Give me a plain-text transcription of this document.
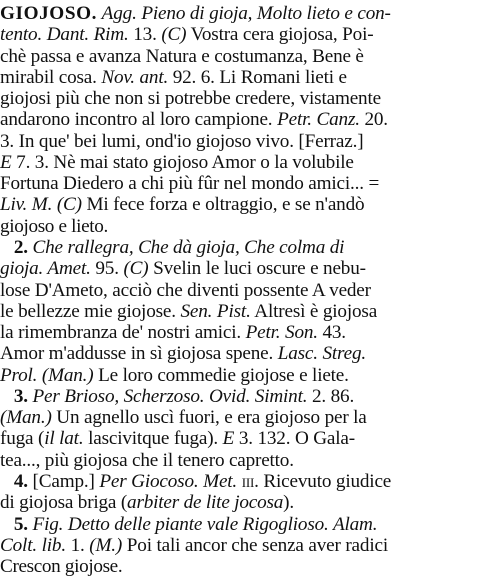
GIOJOSO. Agg. Pieno di gioja, Molto lieto e con-
tento. Dant. Rim. 13. (C) Vostra cera giojosa, Poi-
chè passa e avanza Natura e costumanza, Bene è
mirabil cosa. Nov. ant. 92. 6. Li Romani lieti e
giojosi più che non si potrebbe credere, vistamente
andarono incontro al loro campione. Petr. Canz. 20.
3. In que' bei lumi, ond'io giojoso vivo. [Ferraz.]
E 7. 3. Nè mai stato giojoso Amor o la volubile
Fortuna Diedero a chi più fûr nel mondo amici... =
Liv. M. (C) Mi fece forza e oltraggio, e se n'andò
giojoso e lieto.
2. Che rallegra, Che dà gioja, Che colma di
gioja. Amet. 95. (C) Svelin le luci oscure e nebu-
lose D'Ameto, acciò che diventi possente A veder
le bellezze mie giojose. Sen. Pist. Altresì è giojosa
la rimembranza de' nostri amici. Petr. Son. 43.
Amor m'addusse in sì giojosa spene. Lasc. Streg.
Prol. (Man.) Le loro commedie giojose e liete.
3. Per Brioso, Scherzoso. Ovid. Simint. 2. 86.
(Man.) Un agnello uscì fuori, e era giojoso per la
fuga (il lat. lascivitque fuga). E 3. 132. O Gala-
tea..., più giojosa che il tenero capretto.
4. [Camp.] Per Giocoso. Met. III. Ricevuto giudice
di giojosa briga (arbiter de lite jocosa).
5. Fig. Detto delle piante vale Rigoglioso. Alam.
Colt. lib. 1. (M.) Poi tali ancor che senza aver radici
Crescon giojose.
